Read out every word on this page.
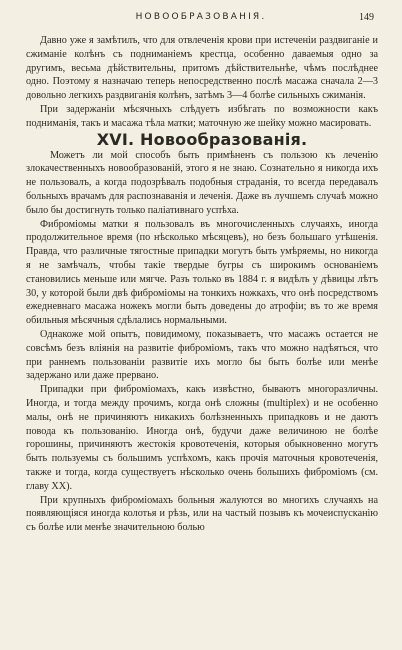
НОВООБРАЗОВАНІЯ.	149

Давно уже я замѣтилъ, что для отвлеченія крови при истеченіи раздвиганіе и сжиманіе колѣнъ съ подниманіемъ крестца, особенно даваемыя одно за другимъ, весьма дѣйствительны, притомъ дѣйствительнѣе, чѣмъ послѣднее одно. Поэтому я назначаю теперь непосредственно послѣ масажа сначала 2—3 довольно легкихъ раздвиганія колѣнъ, затѣмъ 3—4 болѣе сильныхъ сжиманія.

При задержаніи мѣсячныхъ слѣдуетъ избѣгать по возможности какъ подниманія, такъ и масажа тѣла матки; маточную же шейку можно масировать.

XVI. Новообразованія.

Можетъ ли мой способъ быть примѣненъ съ пользою къ леченію злокачественныхъ новообразованій, этого я не знаю. Сознательно я никогда ихъ не пользовалъ, а когда подозрѣвалъ подобныя страданія, то всегда передавалъ больныхъ врачамъ для распознаванія и леченія. Даже въ лучшемъ случаѣ можно было бы достигнуть только паліативнаго успѣха.

Фибромiомы матки я пользовалъ въ многочисленныхъ случаяхъ, иногда продолжительное время (по нѣсколько мѣсяцевъ), но безъ большаго утѣшенія. Правда, что различные тягостные припадки могутъ быть умѣряемы, но никогда я не замѣчалъ, чтобы такіе твердые бугры съ широкимъ основаніемъ становились меньше или мягче. Разъ только въ 1884 г. я видѣлъ у дѣвицы лѣтъ 30, у которой были двѣ фибромiомы на тонкихъ ножкахъ, что онѣ посредствомъ ежедневнаго масажа ножекъ могли быть доведены до атрофіи; въ то же время обильныя мѣсячныя сдѣлались нормальными.

Однакоже мой опытъ, повидимому, показываетъ, что масажъ остается не совсѣмъ безъ вліянія на развитіе фибромiомъ, такъ что можно надѣяться, что при раннемъ пользованіи развитіе ихъ могло бы быть болѣе или менѣе задержано или даже прервано.

Припадки при фибромiомахъ, какъ извѣстно, бываютъ многоразличны. Иногда, и тогда между прочимъ, когда онѣ сложны (multiplex) и не особенно малы, онѣ не причиняютъ никакихъ болѣзненныхъ припадковъ и не даютъ повода къ пользованію. Иногда онѣ, будучи даже величиною не болѣе горошины, причиняютъ жестокія кровотеченія, которыя обыкновенно могутъ быть пользуемы съ большимъ успѣхомъ, какъ прочія маточныя кровотеченія, также и тогда, когда существуетъ нѣсколько очень большихъ фибромiомъ (см. главу XX).

При крупныхъ фибромiомахъ больныя жалуются во многихъ случаяхъ на появляющіяся иногда колотья и рѣзь, или на частый позывъ къ мочеиспусканію съ болѣе или менѣе значительною болью
